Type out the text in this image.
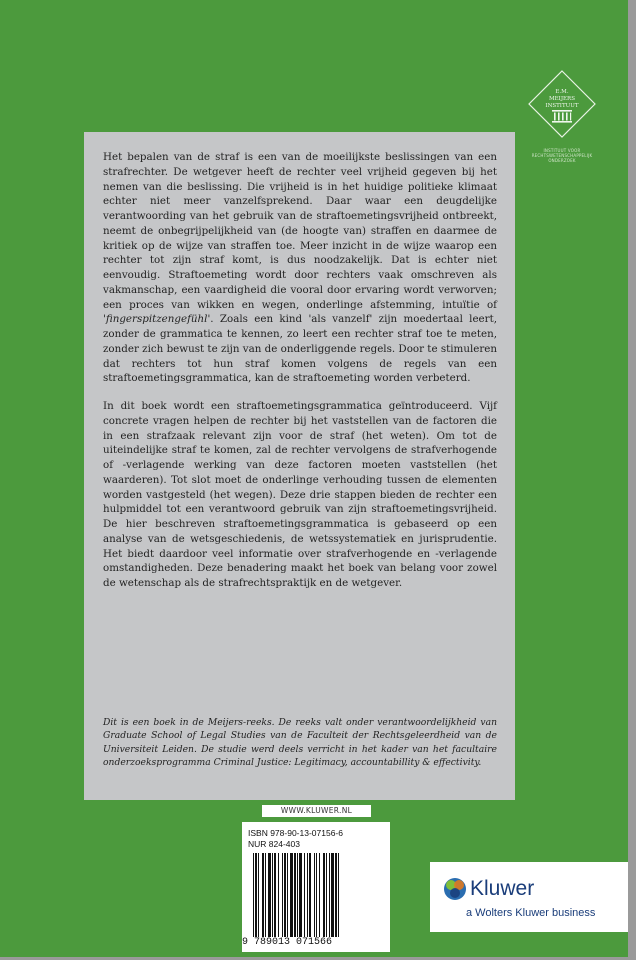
E.M.
MEIJERS
INSTITUUT
INSTITUUT VOOR
RECHTSWETENSCHAPPELIJK
ONDERZOEK

Het bepalen van de straf is een van de moeilijkste beslissingen van een strafrechter. De wetgever heeft de rechter veel vrijheid gegeven bij het nemen van die beslissing. Die vrijheid is in het huidige politieke klimaat echter niet meer vanzelfsprekend. Daar waar een deugdelijke verantwoording van het gebruik van de straftoemetingsvrijheid ontbreekt, neemt de onbegrijpelijkheid van (de hoogte van) straffen en daarmee de kritiek op de wijze van straffen toe. Meer inzicht in de wijze waarop een rechter tot zijn straf komt, is dus noodzakelijk. Dat is echter niet eenvoudig. Straftoemeting wordt door rechters vaak omschreven als vakmanschap, een vaardigheid die vooral door ervaring wordt verworven; een proces van wikken en wegen, onderlinge afstemming, intuïtie of 'fingerspitzengefühl'. Zoals een kind 'als vanzelf' zijn moedertaal leert, zonder de grammatica te kennen, zo leert een rechter straf toe te meten, zonder zich bewust te zijn van de onderliggende regels. Door te stimuleren dat rechters tot hun straf komen volgens de regels van een straftoemetingsgrammatica, kan de straftoemeting worden verbeterd.

In dit boek wordt een straftoemetingsgrammatica geïntroduceerd. Vijf concrete vragen helpen de rechter bij het vaststellen van de factoren die in een strafzaak relevant zijn voor de straf (het weten). Om tot de uiteindelijke straf te komen, zal de rechter vervolgens de strafverhogende of -verlagende werking van deze factoren moeten vaststellen (het waarderen). Tot slot moet de onderlinge verhouding tussen de elementen worden vastgesteld (het wegen). Deze drie stappen bieden de rechter een hulpmiddel tot een verantwoord gebruik van zijn straftoemetingsvrijheid. De hier beschreven straftoemetingsgrammatica is gebaseerd op een analyse van de wetsgeschiedenis, de wetssystematiek en jurisprudentie. Het biedt daardoor veel informatie over strafverhogende en -verlagende omstandigheden. Deze benadering maakt het boek van belang voor zowel de wetenschap als de strafrechtspraktijk en de wetgever.

Dit is een boek in de Meijers-reeks. De reeks valt onder verantwoordelijkheid van Graduate School of Legal Studies van de Faculteit der Rechtsgeleerdheid van de Universiteit Leiden. De studie werd deels verricht in het kader van het facultaire onderzoeksprogramma Criminal Justice: Legitimacy, accountabillity & effectivity.
WWW.KLUWER.NL
ISBN 978-90-13-07156-6
NUR 824-403
9 789013 071566
Kluwer
a Wolters Kluwer business
